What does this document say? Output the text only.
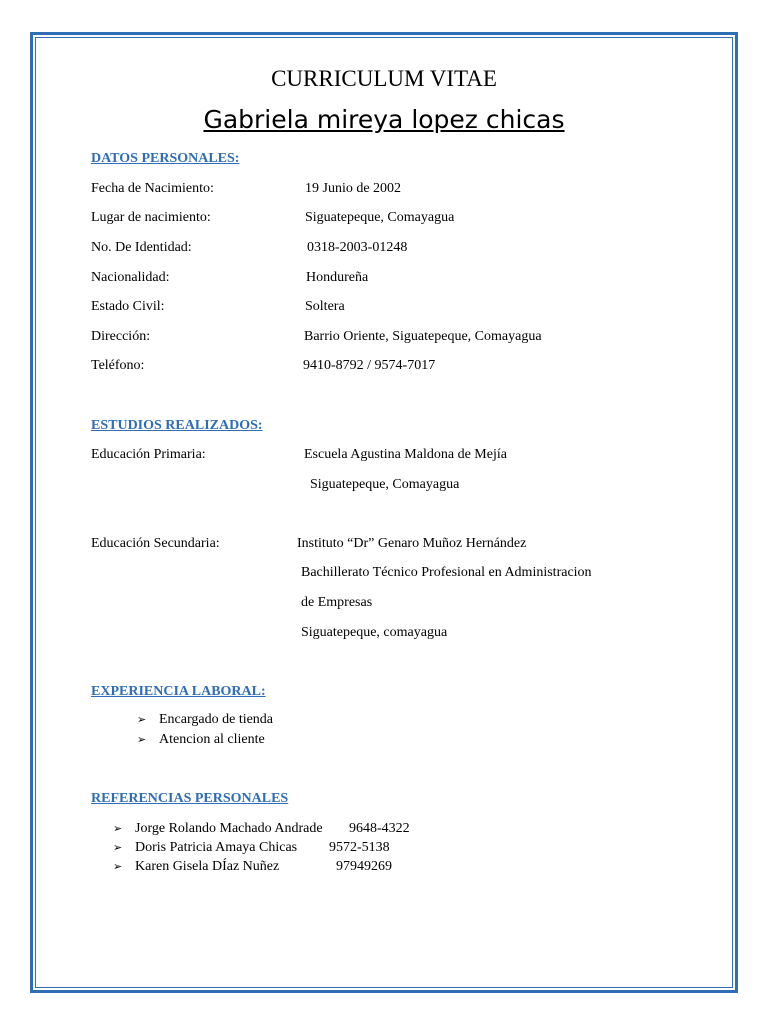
CURRICULUM VITAE
Gabriela mireya lopez chicas
DATOS PERSONALES:
Fecha de Nacimiento:	19 Junio de 2002
Lugar de nacimiento:	Siguatepeque, Comayagua
No. De Identidad:	0318-2003-01248
Nacionalidad:	Hondureña
Estado Civil:	Soltera
Dirección:	Barrio Oriente, Siguatepeque, Comayagua
Teléfono:	9410-8792 / 9574-7017
ESTUDIOS REALIZADOS:
Educación Primaria:	Escuela Agustina Maldona de Mejía
Siguatepeque, Comayagua
Educación Secundaria:	Instituto “Dr” Genaro Muñoz Hernández
Bachillerato Técnico Profesional en Administracion
de Empresas
Siguatepeque, comayagua
EXPERIENCIA LABORAL:
➢ Encargado de tienda
➢ Atencion al cliente
REFERENCIAS PERSONALES
➢ Jorge Rolando Machado Andrade 9648-4322
➢ Doris Patricia Amaya Chicas 9572-5138
➢ Karen Gisela DÍaz Nuñez	97949269
